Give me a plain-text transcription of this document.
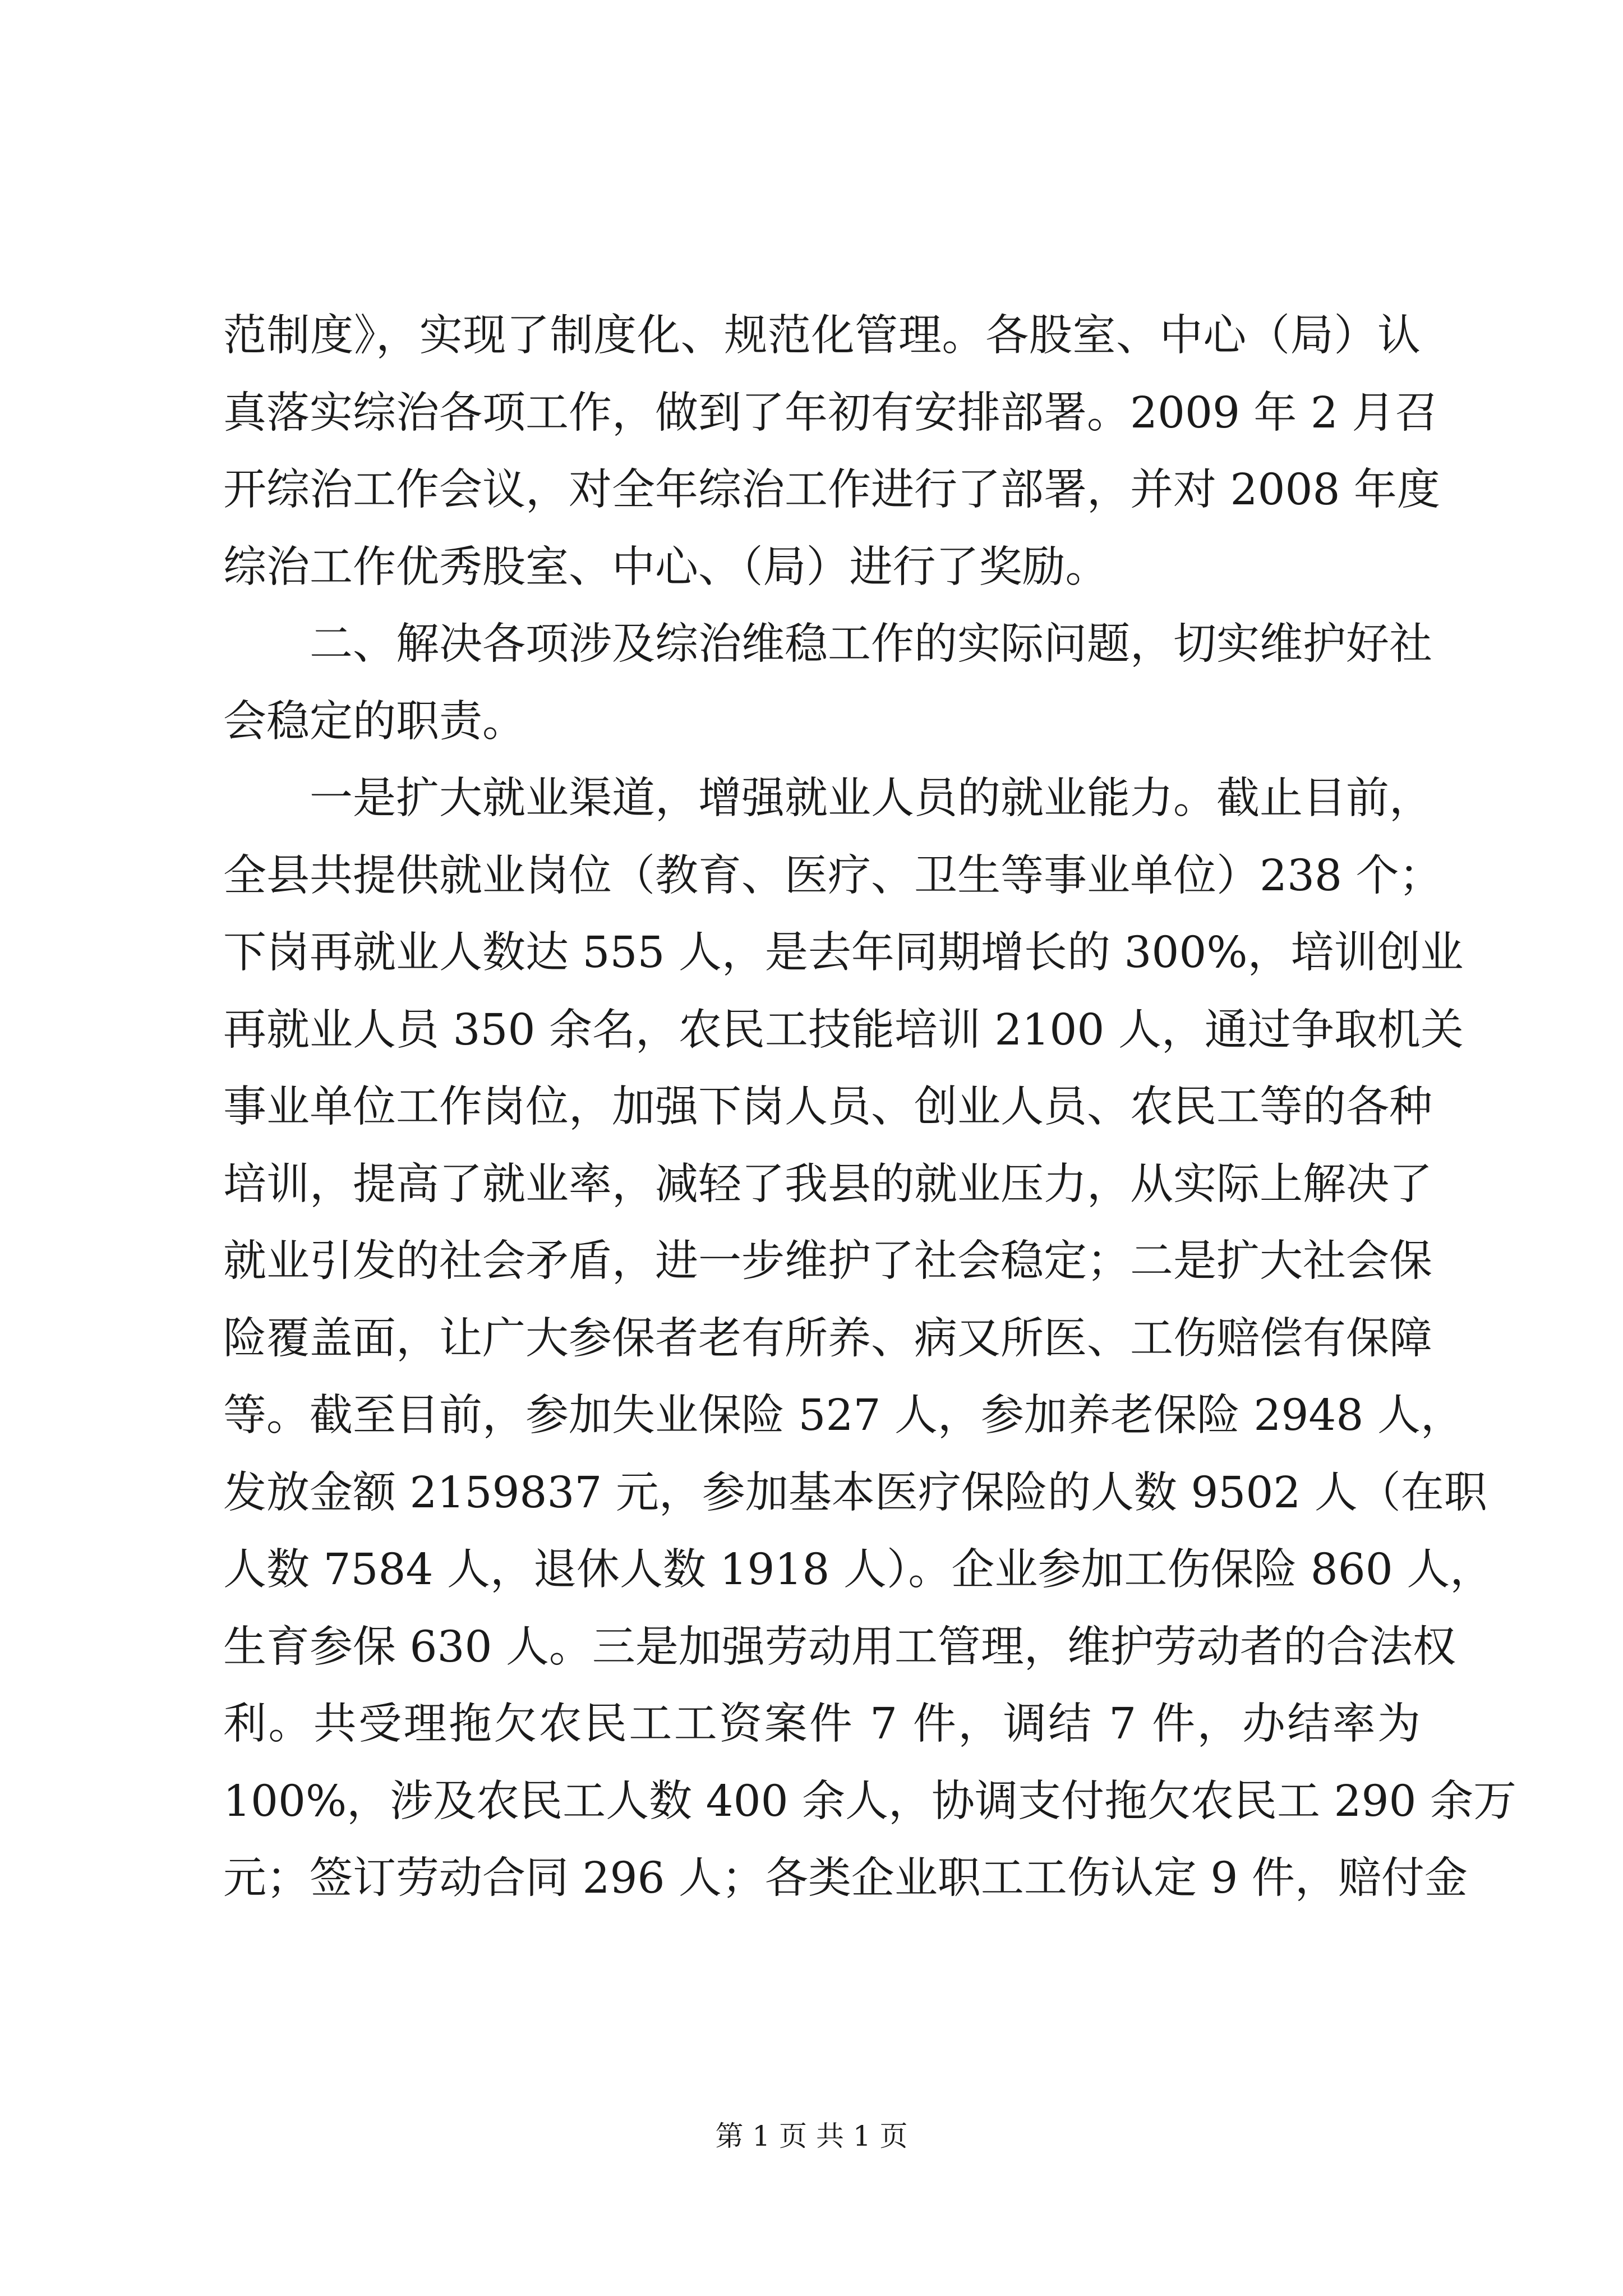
范制度》，实现了制度化、规范化管理。各股室、中心（局）认
真落实综治各项工作，做到了年初有安排部署。2009 年 2 月召
开综治工作会议，对全年综治工作进行了部署，并对 2008 年度
综治工作优秀股室、中心、（局）进行了奖励。
二、解决各项涉及综治维稳工作的实际问题，切实维护好社
会稳定的职责。
一是扩大就业渠道，增强就业人员的就业能力。截止目前，
全县共提供就业岗位（教育、医疗、卫生等事业单位）238 个；
下岗再就业人数达 555 人，是去年同期增长的 300%，培训创业
再就业人员 350 余名，农民工技能培训 2100 人，通过争取机关
事业单位工作岗位，加强下岗人员、创业人员、农民工等的各种
培训，提高了就业率，减轻了我县的就业压力，从实际上解决了
就业引发的社会矛盾，进一步维护了社会稳定；二是扩大社会保
险覆盖面，让广大参保者老有所养、病又所医、工伤赔偿有保障
等。截至目前，参加失业保险 527 人，参加养老保险 2948 人，
发放金额 2159837 元，参加基本医疗保险的人数 9502 人（在职
人数 7584 人，退休人数 1918 人）。企业参加工伤保险 860 人，
生育参保 630 人。三是加强劳动用工管理，维护劳动者的合法权
利。共受理拖欠农民工工资案件 7 件，调结 7 件，办结率为
100%，涉及农民工人数 400 余人，协调支付拖欠农民工 290 余万
元；签订劳动合同 296 人；各类企业职工工伤认定 9 件，赔付金
第 1 页 共 1 页
